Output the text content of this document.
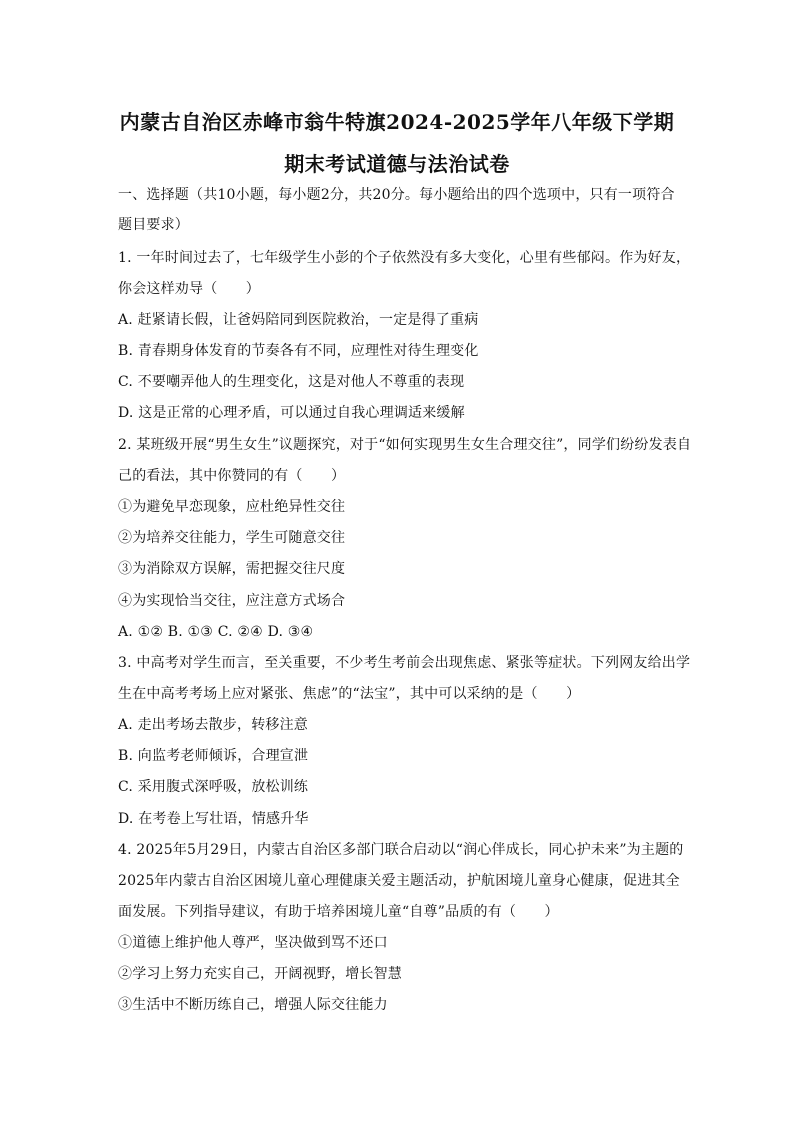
内蒙古自治区赤峰市翁牛特旗2024-2025学年八年级下学期
期末考试道德与法治试卷
一、选择题（共10小题，每小题2分，共20分。每小题给出的四个选项中，只有一项符合
题目要求）
1. 一年时间过去了，七年级学生小彭的个子依然没有多大变化，心里有些郁闷。作为好友，
你会这样劝导（　　）
A. 赶紧请长假，让爸妈陪同到医院救治，一定是得了重病
B. 青春期身体发育的节奏各有不同，应理性对待生理变化
C. 不要嘲弄他人的生理变化，这是对他人不尊重的表现
D. 这是正常的心理矛盾，可以通过自我心理调适来缓解
2. 某班级开展“男生女生”议题探究，对于“如何实现男生女生合理交往”，同学们纷纷发表自
己的看法，其中你赞同的有（　　）
①为避免早恋现象，应杜绝异性交往
②为培养交往能力，学生可随意交往
③为消除双方误解，需把握交往尺度
④为实现恰当交往，应注意方式场合
A. ①② B. ①③ C. ②④ D. ③④
3. 中高考对学生而言，至关重要，不少考生考前会出现焦虑、紧张等症状。下列网友给出学
生在中高考考场上应对紧张、焦虑”的“法宝”，其中可以采纳的是（　　）
A. 走出考场去散步，转移注意
B. 向监考老师倾诉，合理宣泄
C. 采用腹式深呼吸，放松训练
D. 在考卷上写壮语，情感升华
4. 2025年5月29日，内蒙古自治区多部门联合启动以“润心伴成长，同心护未来”为主题的
2025年内蒙古自治区困境儿童心理健康关爱主题活动，护航困境儿童身心健康，促进其全
面发展。下列指导建议，有助于培养困境儿童“自尊”品质的有（　　）
①道德上维护他人尊严，坚决做到骂不还口
②学习上努力充实自己，开阔视野，增长智慧
③生活中不断历练自己，增强人际交往能力
